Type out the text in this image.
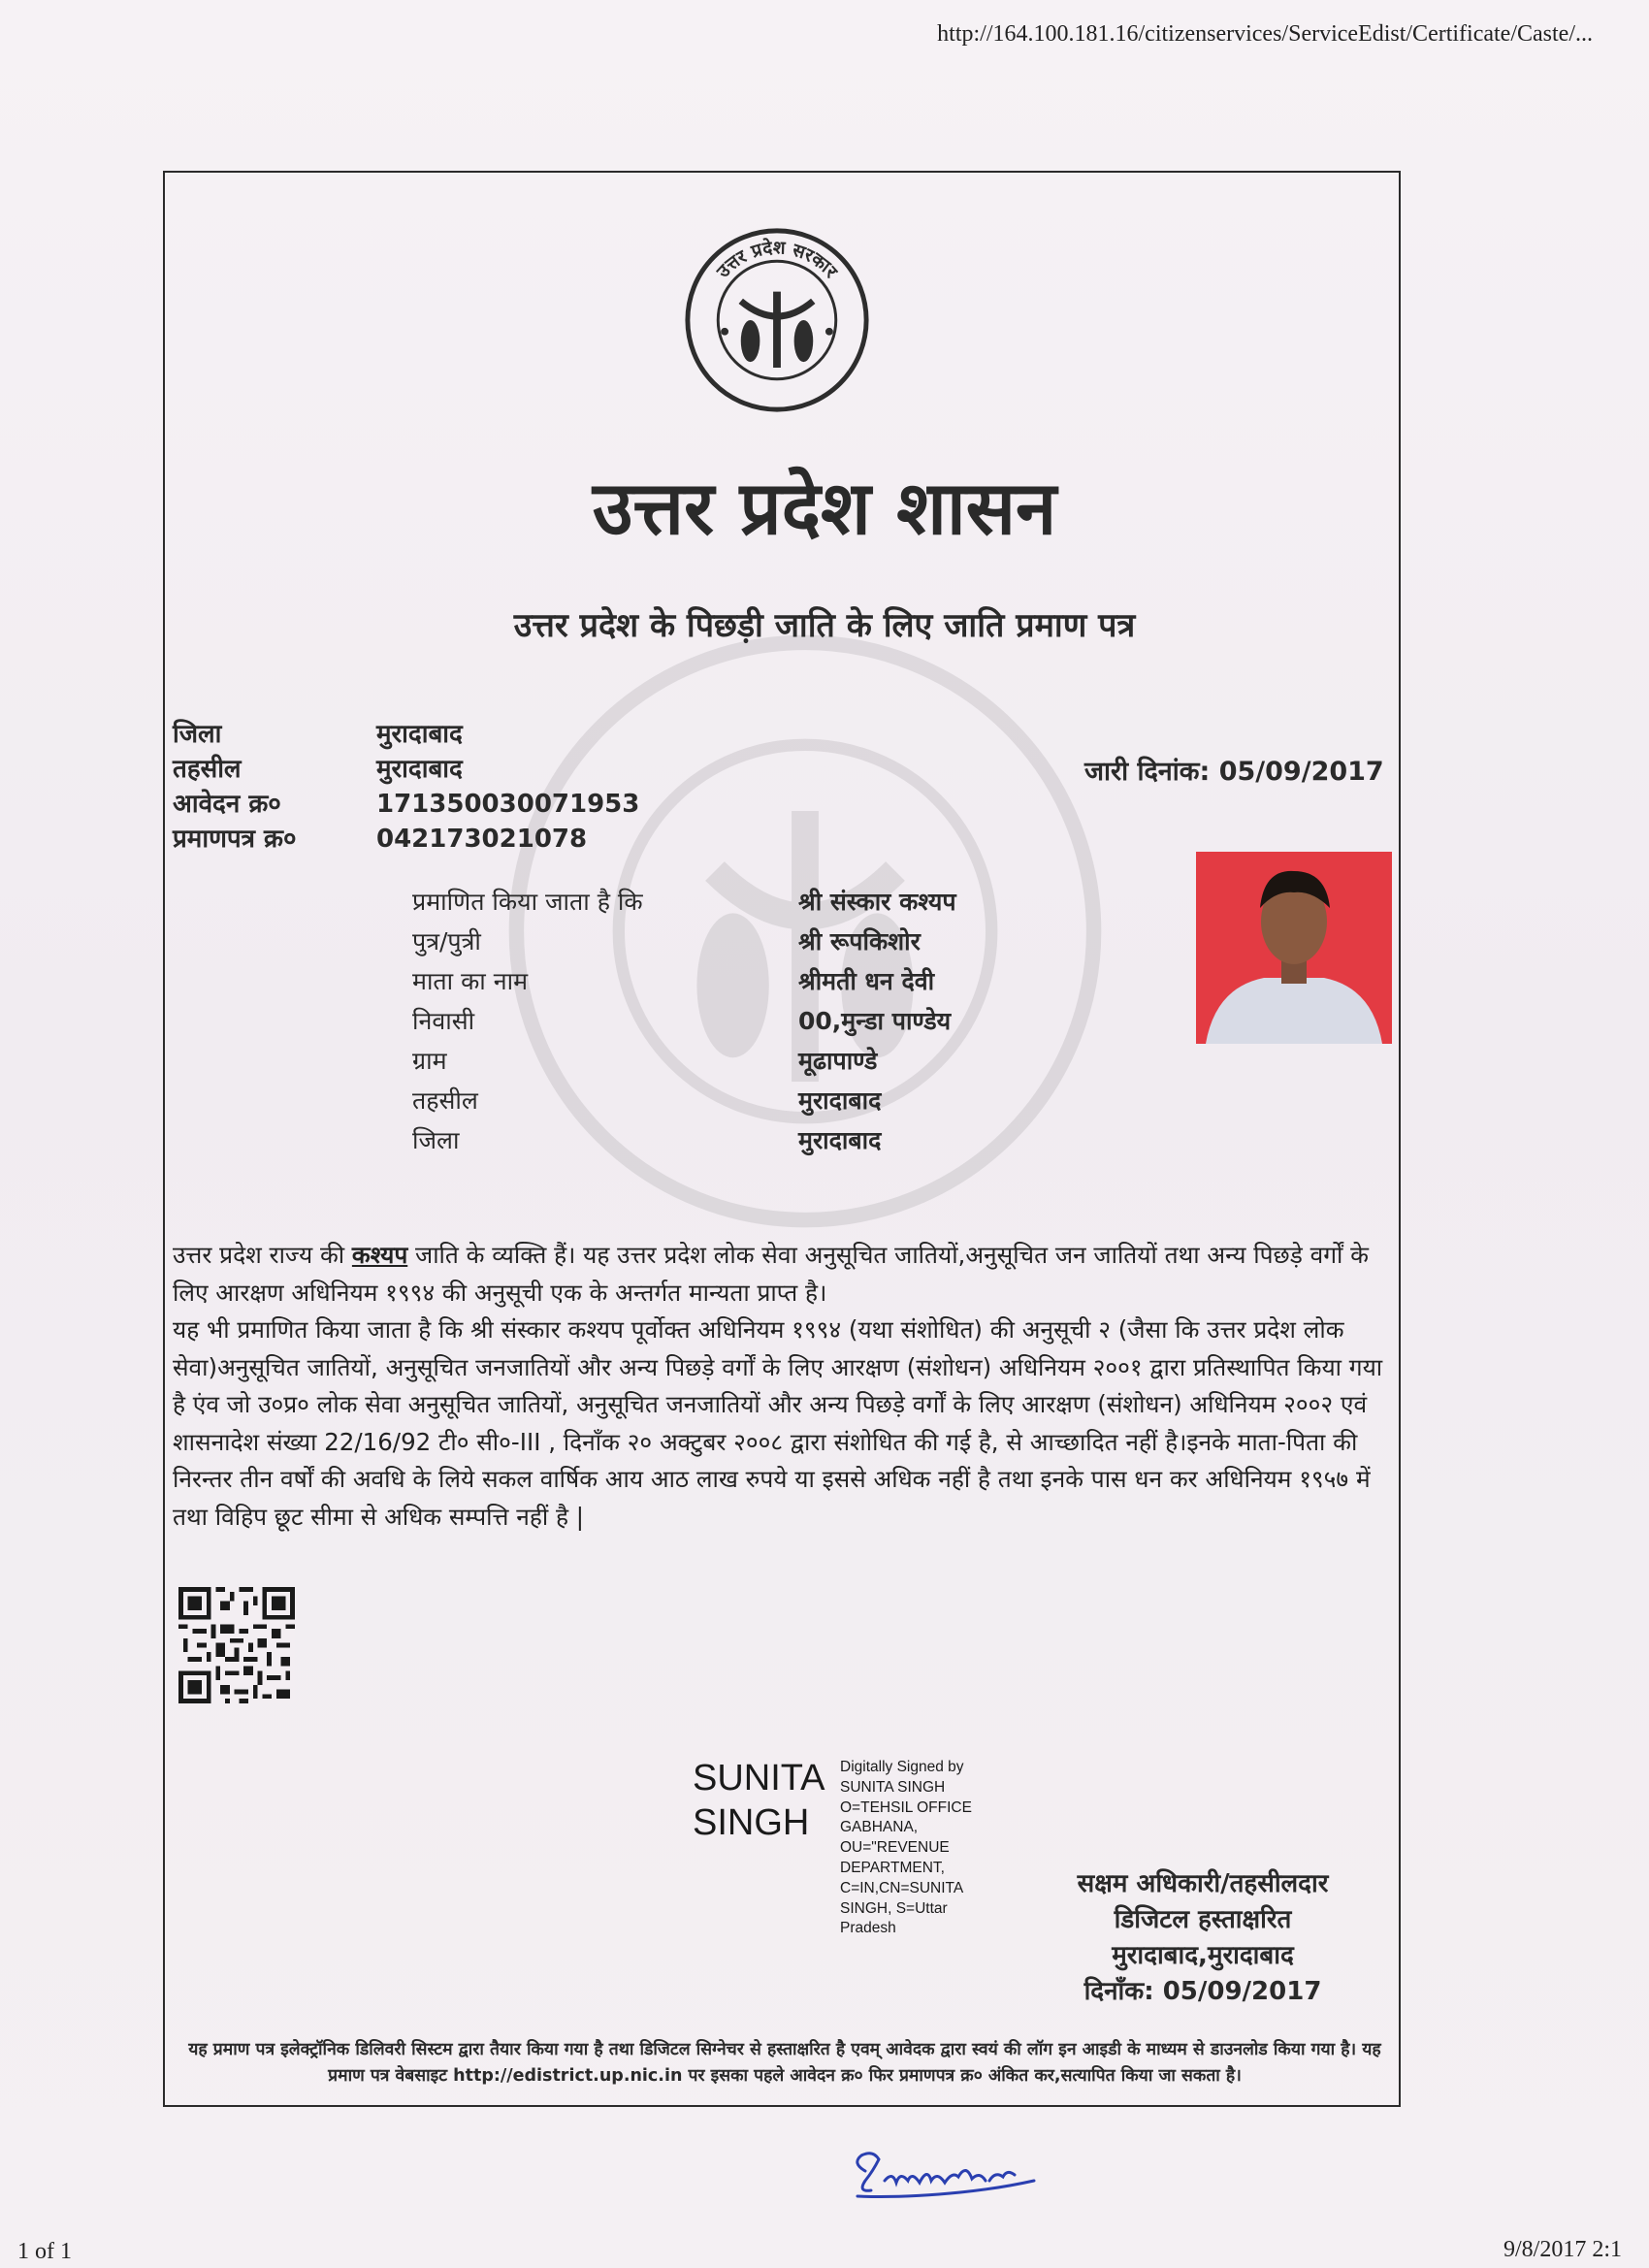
http://164.100.181.16/citizenservices/ServiceEdist/Certificate/Caste/...
उत्तर प्रदेश सरकार
उत्तर प्रदेश शासन
उत्तर प्रदेश के पिछड़ी जाति के लिए जाति प्रमाण पत्र
जिला	मुरादाबाद
तहसील	मुरादाबाद
आवेदन क्र०	171350030071953
प्रमाणपत्र क्र०	042173021078
जारी दिनांक: 05/09/2017
प्रमाणित किया जाता है कि	श्री संस्कार कश्यप
पुत्र/पुत्री	श्री रूपकिशोर
माता का नाम	श्रीमती धन देवी
निवासी	00,मुन्डा पाण्डेय
ग्राम	मूढापाण्डे
तहसील	मुरादाबाद
जिला	मुरादाबाद

उत्तर प्रदेश राज्य की कश्यप जाति के व्यक्ति हैं। यह उत्तर प्रदेश लोक सेवा अनुसूचित जातियों,अनुसूचित जन जातियों तथा अन्य पिछड़े वर्गों के लिए आरक्षण अधिनियम १९९४ की अनुसूची एक के अन्तर्गत मान्यता प्राप्त है।

यह भी प्रमाणित किया जाता है कि श्री संस्कार कश्यप पूर्वोक्त अधिनियम १९९४ (यथा संशोधित) की अनुसूची २ (जैसा कि उत्तर प्रदेश लोक सेवा)अनुसूचित जातियों, अनुसूचित जनजातियों और अन्य पिछड़े वर्गों के लिए आरक्षण (संशोधन) अधिनियम २००१ द्वारा प्रतिस्थापित किया गया है एंव जो उ०प्र० लोक सेवा अनुसूचित जातियों, अनुसूचित जनजातियों और अन्य पिछड़े वर्गों के लिए आरक्षण (संशोधन) अधिनियम २००२ एवं शासनादेश संख्या 22/16/92 टी० सी०-III , दिनाँक २० अक्टुबर २००८ द्वारा संशोधित की गई है, से आच्छादित नहीं है।इनके माता-पिता की निरन्तर तीन वर्षों की अवधि के लिये सकल वार्षिक आय आठ लाख रुपये या इससे अधिक नहीं है तथा इनके पास धन कर अधिनियम १९५७ में तथा विहिप छूट सीमा से अधिक सम्पत्ति नहीं है |

SUNITA
SINGH
Digitally Signed by
SUNITA SINGH
O=TEHSIL OFFICE
GABHANA,
OU="REVENUE
DEPARTMENT,
C=IN,CN=SUNITA
SINGH, S=Uttar
Pradesh
सक्षम अधिकारी/तहसीलदार
डिजिटल हस्ताक्षरित
मुरादाबाद,मुरादाबाद
दिनाँक: 05/09/2017
यह प्रमाण पत्र इलेक्ट्रॉनिक डिलिवरी सिस्टम द्वारा तैयार किया गया है तथा डिजिटल सिग्नेचर से हस्ताक्षरित है एवम् आवेदक द्वारा स्वयं की लॉग इन आइडी के माध्यम से डाउनलोड किया गया है। यह प्रमाण पत्र वेबसाइट http://edistrict.up.nic.in पर इसका पहले आवेदन क्र० फिर प्रमाणपत्र क्र० अंकित कर,सत्यापित किया जा सकता है।
1 of 1	9/8/2017 2:1
